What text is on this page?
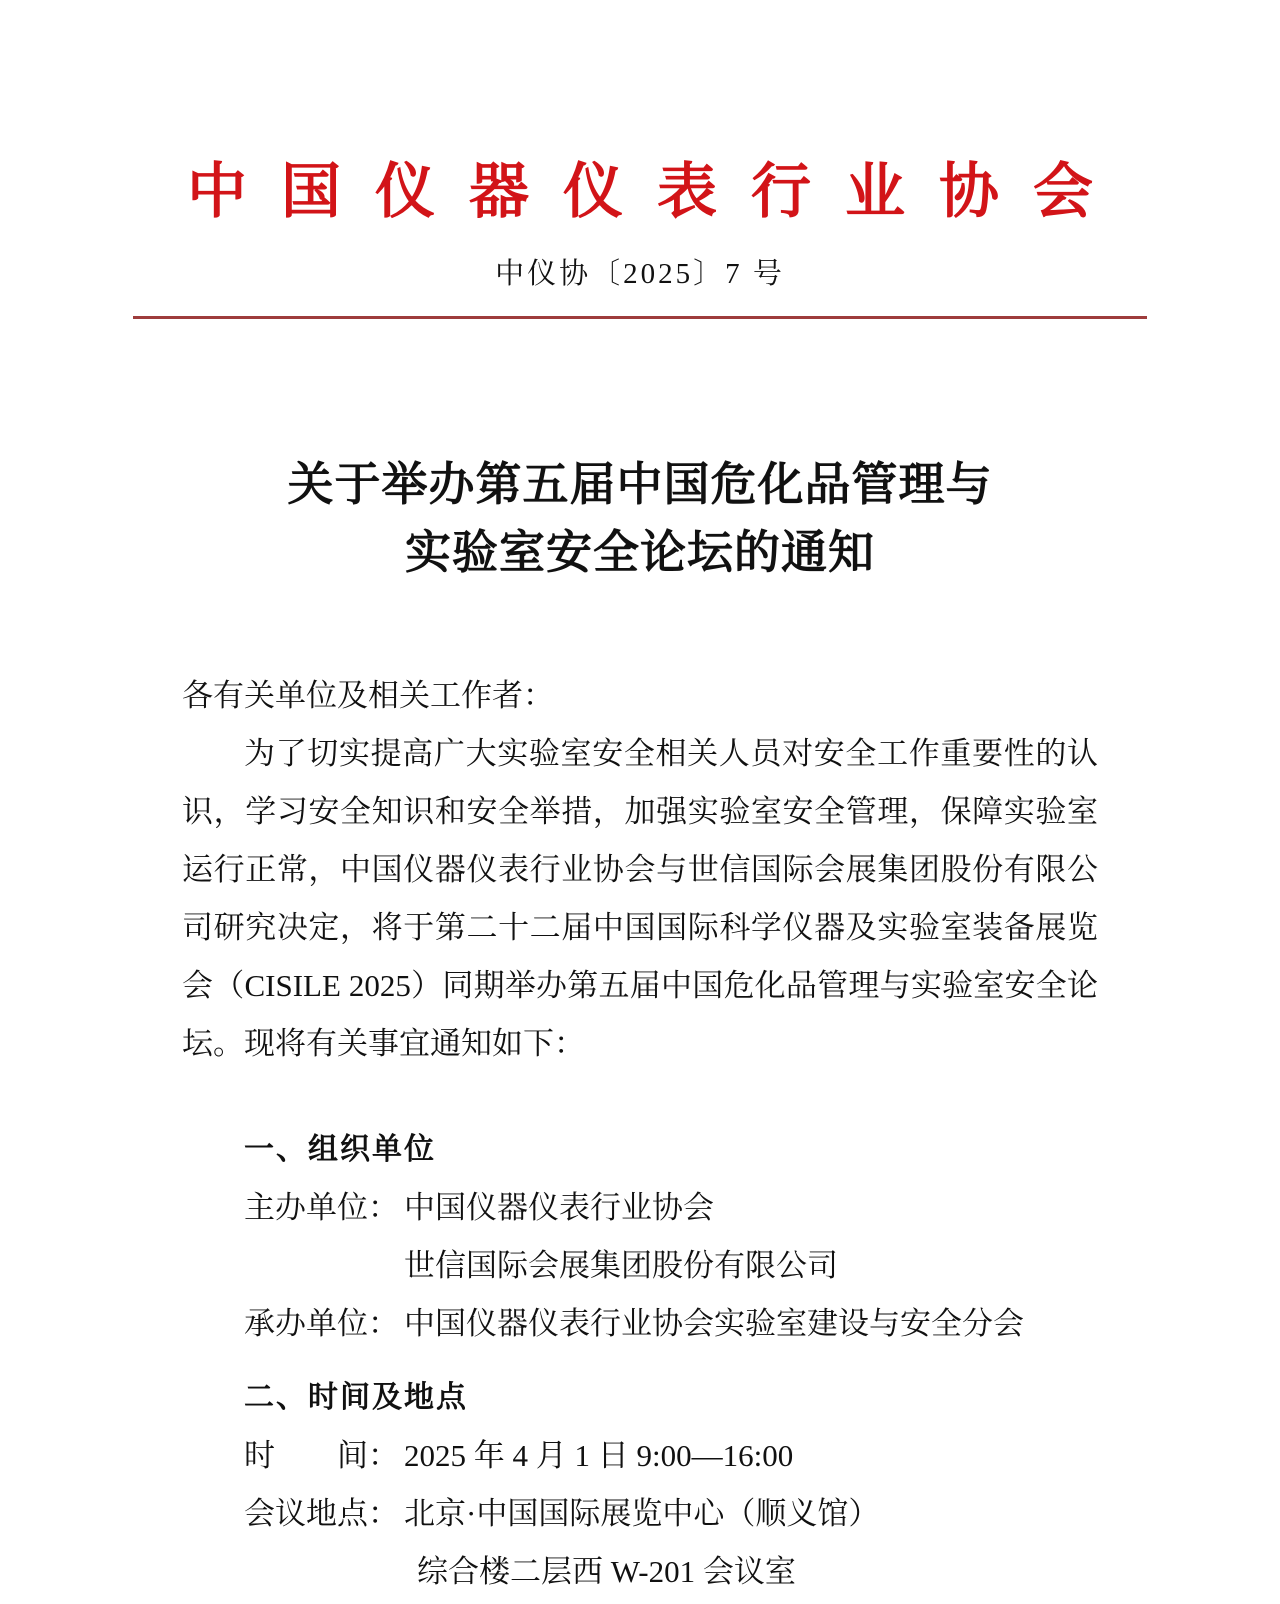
中国仪器仪表行业协会
中仪协〔2025〕7 号
关于举办第五届中国危化品管理与
实验室安全论坛的通知

各有关单位及相关工作者：

为了切实提高广大实验室安全相关人员对安全工作重要性的认识，学习安全知识和安全举措，加强实验室安全管理，保障实验室运行正常，中国仪器仪表行业协会与世信国际会展集团股份有限公司研究决定，将于第二十二届中国国际科学仪器及实验室装备展览会（CISILE 2025）同期举办第五届中国危化品管理与实验室安全论坛。现将有关事宜通知如下：

一、组织单位

主办单位： 中国仪器仪表行业协会
世信国际会展集团股份有限公司
承办单位： 中国仪器仪表行业协会实验室建设与安全分会

二、时间及地点

时　　间： 2025 年 4 月 1 日 9:00—16:00
会议地点： 北京·中国国际展览中心（顺义馆）
综合楼二层西 W-201 会议室
